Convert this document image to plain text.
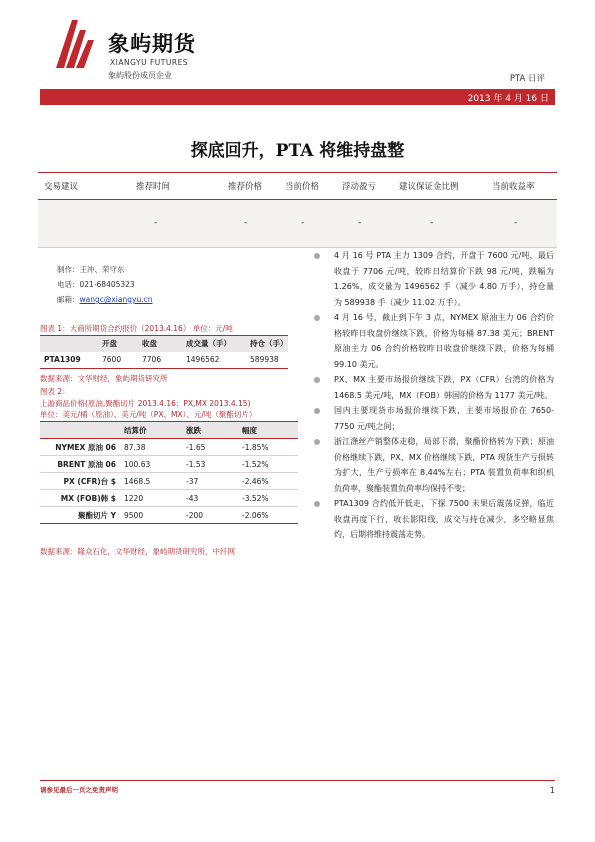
象屿期货
XIANGYU FUTURES
象屿股份成员企业	PTA 日评
2013 年 4 月 16 日
探底回升，PTA 将维持盘整
交易建议	推荐时间	推荐价格	当前价格	浮动盈亏	建议保证金比例	当前收益率
-	-	-	-	-	-
制作：王冲、荣守东
电话：021-68405323
邮箱：wangc@xiangyu.cn
图表 1：大商所期货合约报价（2013.4.16） 单位：元/吨
	开盘	收盘	成交量（手）	持仓（手）
PTA1309	7600	7706	1496562	589938
数据来源：文华财经，象屿期货研究所
图表 2：
上游商品价格(原油,聚酯切片 2013.4.16；PX,MX 2013.4.15)
单位：美元/桶（原油）、美元/吨（PX、MX）、元/吨（聚酯切片）
	结算价	涨跌	幅度
NYMEX 原油 06	87.38	-1.65	-1.85%
BRENT 原油 06	100.63	-1.53	-1.52%
PX (CFR)台 $	1468.5	-37	-2.46%
MX (FOB)韩 $	1220	-43	-3.52%
聚酯切片 Y	9500	-200	-2.06%
数据来源：隆众石化，文华财经，象屿期货研究所，中纤网
4 月 16 号 PTA 主力 1309 合约，开盘于 7600 元/吨，最后收盘于 7706 元/吨，较昨日结算价下跌 98 元/吨，跌幅为 1.26%，成交量为 1496562 手（减少 4.80 万手），持仓量为 589938 手（减少 11.02 万手）。
4 月 16 号，截止到下午 3 点，NYMEX 原油主力 06 合约价格较昨日收盘价继续下跌，价格为每桶 87.38 美元；BRENT 原油主力 06 合约价格较昨日收盘价继续下跌，价格为每桶 99.10 美元。
PX、MX 主要市场报价继续下跌，PX（CFR）台湾的价格为 1468.5 美元/吨，MX（FOB）韩国的价格为 1177 美元/吨。
国内主要现货市场报价继续下跌，主要市场报价在 7650-7750 元/吨之间；
浙江涤丝产销整体走稳，局部下滑，聚酯价格转为下跌；原油价格继续下跌，PX、MX 价格继续下跌，PTA 现货生产亏损转为扩大，生产亏损率在 8.44%左右；PTA 装置负荷率和织机负荷率，聚酯装置负荷率均保持不变；
PTA1309 合约低开低走，下探 7500 未果后震荡反弹，临近收盘再度下行，收长影阳线，成交与持仓减少，多空略显焦灼，后期将维持震荡走势。
请参见最后一页之免责声明	1
